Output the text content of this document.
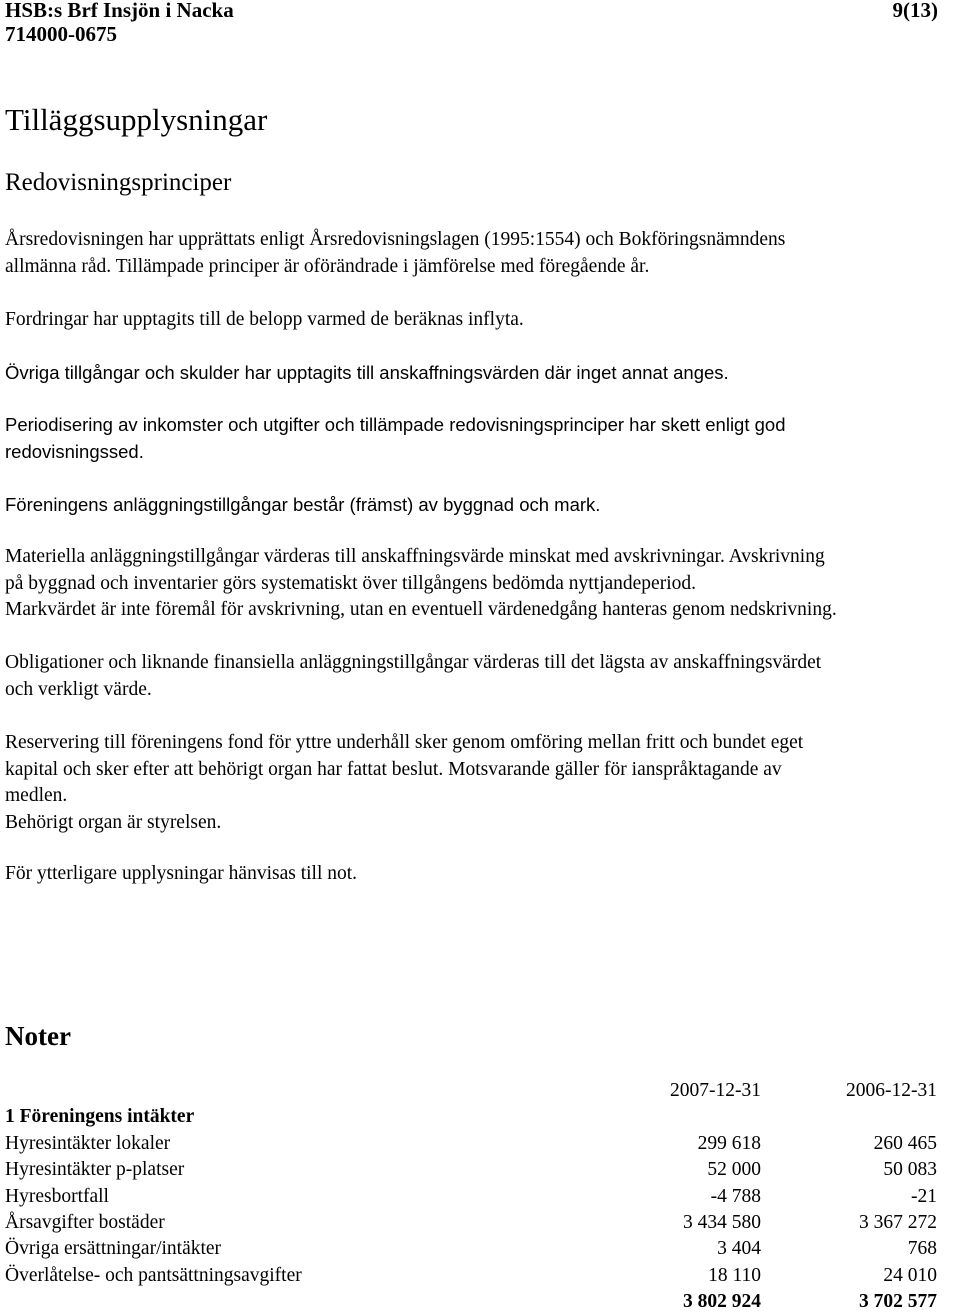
HSB:s Brf Insjön i Nacka
714000-0675
9(13)
Tilläggsupplysningar
Redovisningsprinciper
Årsredovisningen har upprättats enligt Årsredovisningslagen (1995:1554) och Bokföringsnämndens
allmänna råd. Tillämpade principer är oförändrade i jämförelse med föregående år.
Fordringar har upptagits till de belopp varmed de beräknas inflyta.
Övriga tillgångar och skulder har upptagits till anskaffningsvärden där inget annat anges.
Periodisering av inkomster och utgifter och tillämpade redovisningsprinciper har skett enligt god
redovisningssed.
Föreningens anläggningstillgångar består (främst) av byggnad och mark.
Materiella anläggningstillgångar värderas till anskaffningsvärde minskat med avskrivningar. Avskrivning
på byggnad och inventarier görs systematiskt över tillgångens bedömda nyttjandeperiod.
Markvärdet är inte föremål för avskrivning, utan en eventuell värdenedgång hanteras genom nedskrivning.
Obligationer och liknande finansiella anläggningstillgångar värderas till det lägsta av anskaffningsvärdet
och verkligt värde.
Reservering till föreningens fond för yttre underhåll sker genom omföring mellan fritt och bundet eget
kapital och sker efter att behörigt organ har fattat beslut. Motsvarande gäller för ianspråktagande av
medlen.
Behörigt organ är styrelsen.
För ytterligare upplysningar hänvisas till not.
Noter
2007-12-31	2006-12-31
1 Föreningens intäkter	
Hyresintäkter lokaler 299 618	260 465
Hyresintäkter p-platser 52 000	50 083
Hyresbortfall -4 788	-21
Årsavgifter bostäder 3 434 580	3 367 272
Övriga ersättningar/intäkter 3 404	768
Överlåtelse- och pantsättningsavgifter 18 110	24 010
3 802 924	3 702 577
